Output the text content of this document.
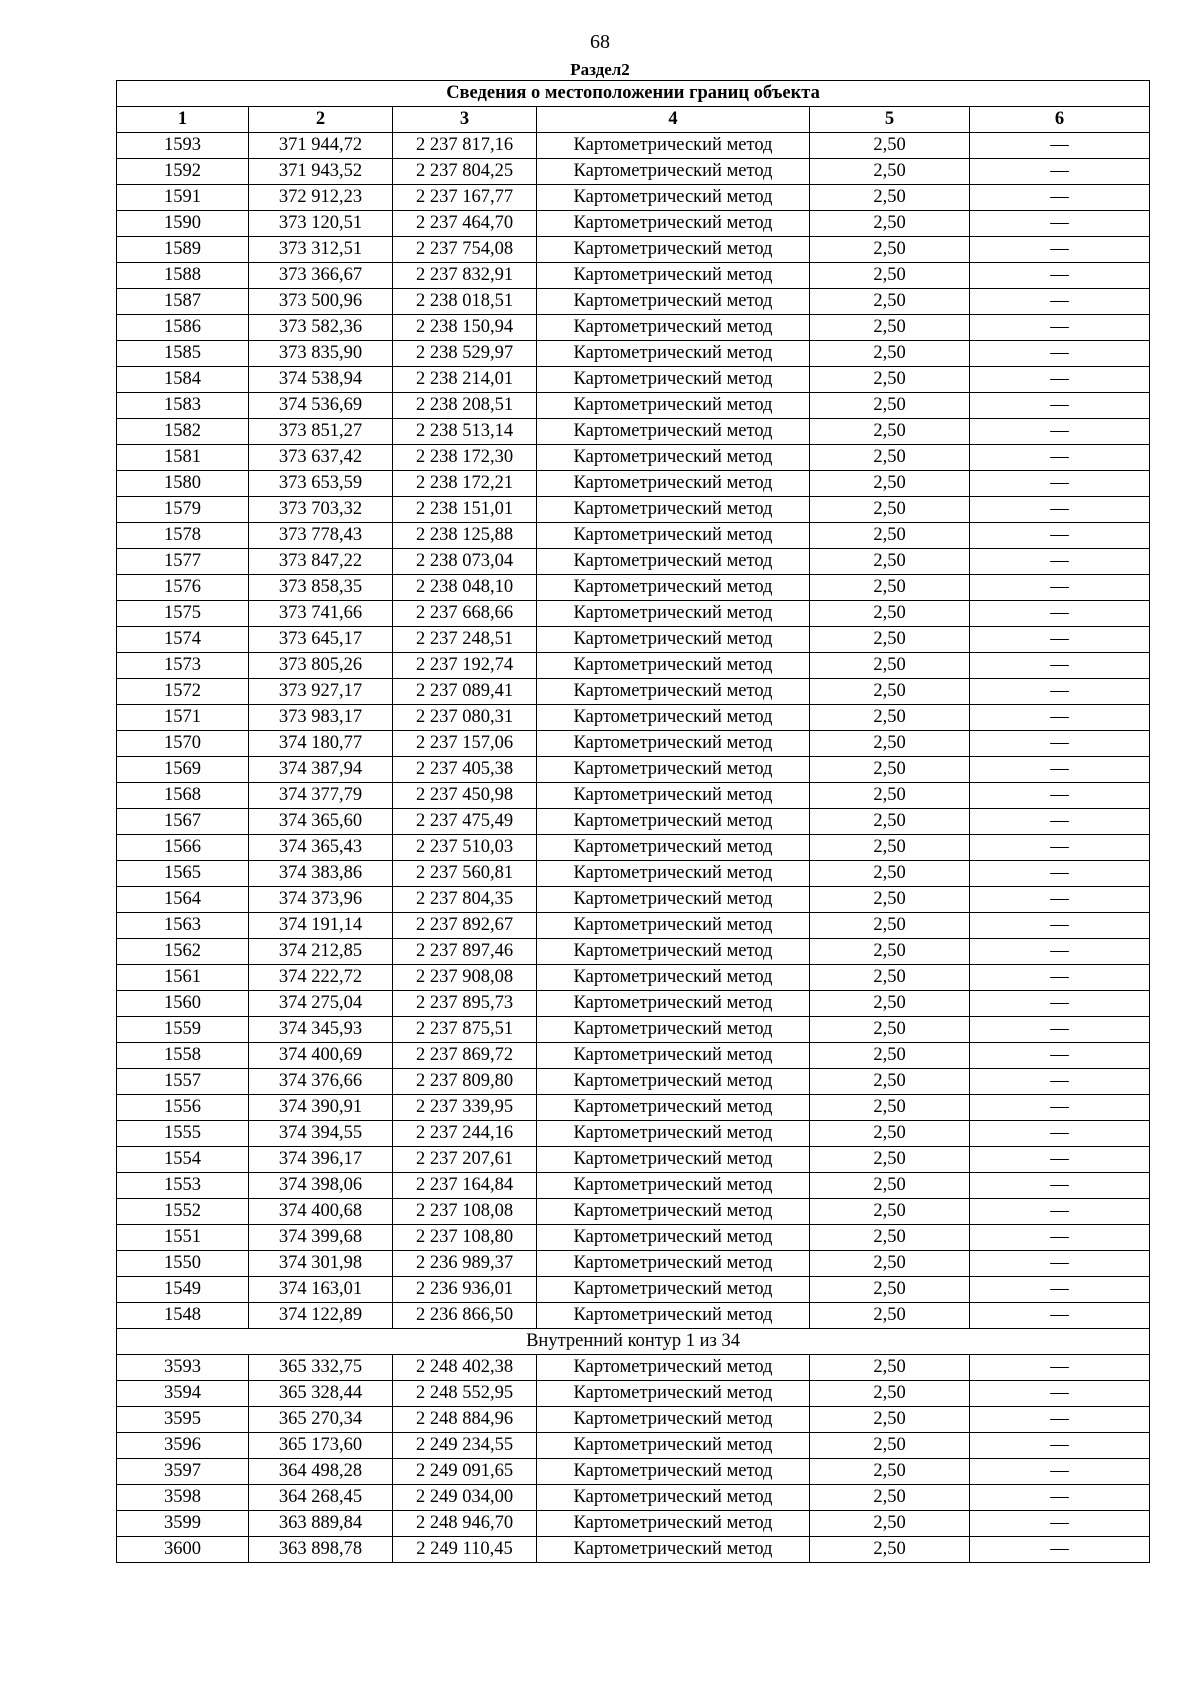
68
Раздел2
Сведения о местоположении границ объекта					
1	2	3	4	5	6
1593	371 944,72	2 237 817,16	Картометрический метод	2,50	—
1592	371 943,52	2 237 804,25	Картометрический метод	2,50	—
1591	372 912,23	2 237 167,77	Картометрический метод	2,50	—
1590	373 120,51	2 237 464,70	Картометрический метод	2,50	—
1589	373 312,51	2 237 754,08	Картометрический метод	2,50	—
1588	373 366,67	2 237 832,91	Картометрический метод	2,50	—
1587	373 500,96	2 238 018,51	Картометрический метод	2,50	—
1586	373 582,36	2 238 150,94	Картометрический метод	2,50	—
1585	373 835,90	2 238 529,97	Картометрический метод	2,50	—
1584	374 538,94	2 238 214,01	Картометрический метод	2,50	—
1583	374 536,69	2 238 208,51	Картометрический метод	2,50	—
1582	373 851,27	2 238 513,14	Картометрический метод	2,50	—
1581	373 637,42	2 238 172,30	Картометрический метод	2,50	—
1580	373 653,59	2 238 172,21	Картометрический метод	2,50	—
1579	373 703,32	2 238 151,01	Картометрический метод	2,50	—
1578	373 778,43	2 238 125,88	Картометрический метод	2,50	—
1577	373 847,22	2 238 073,04	Картометрический метод	2,50	—
1576	373 858,35	2 238 048,10	Картометрический метод	2,50	—
1575	373 741,66	2 237 668,66	Картометрический метод	2,50	—
1574	373 645,17	2 237 248,51	Картометрический метод	2,50	—
1573	373 805,26	2 237 192,74	Картометрический метод	2,50	—
1572	373 927,17	2 237 089,41	Картометрический метод	2,50	—
1571	373 983,17	2 237 080,31	Картометрический метод	2,50	—
1570	374 180,77	2 237 157,06	Картометрический метод	2,50	—
1569	374 387,94	2 237 405,38	Картометрический метод	2,50	—
1568	374 377,79	2 237 450,98	Картометрический метод	2,50	—
1567	374 365,60	2 237 475,49	Картометрический метод	2,50	—
1566	374 365,43	2 237 510,03	Картометрический метод	2,50	—
1565	374 383,86	2 237 560,81	Картометрический метод	2,50	—
1564	374 373,96	2 237 804,35	Картометрический метод	2,50	—
1563	374 191,14	2 237 892,67	Картометрический метод	2,50	—
1562	374 212,85	2 237 897,46	Картометрический метод	2,50	—
1561	374 222,72	2 237 908,08	Картометрический метод	2,50	—
1560	374 275,04	2 237 895,73	Картометрический метод	2,50	—
1559	374 345,93	2 237 875,51	Картометрический метод	2,50	—
1558	374 400,69	2 237 869,72	Картометрический метод	2,50	—
1557	374 376,66	2 237 809,80	Картометрический метод	2,50	—
1556	374 390,91	2 237 339,95	Картометрический метод	2,50	—
1555	374 394,55	2 237 244,16	Картометрический метод	2,50	—
1554	374 396,17	2 237 207,61	Картометрический метод	2,50	—
1553	374 398,06	2 237 164,84	Картометрический метод	2,50	—
1552	374 400,68	2 237 108,08	Картометрический метод	2,50	—
1551	374 399,68	2 237 108,80	Картометрический метод	2,50	—
1550	374 301,98	2 236 989,37	Картометрический метод	2,50	—
1549	374 163,01	2 236 936,01	Картометрический метод	2,50	—
1548	374 122,89	2 236 866,50	Картометрический метод	2,50	—
Внутренний контур 1 из 34					
3593	365 332,75	2 248 402,38	Картометрический метод	2,50	—
3594	365 328,44	2 248 552,95	Картометрический метод	2,50	—
3595	365 270,34	2 248 884,96	Картометрический метод	2,50	—
3596	365 173,60	2 249 234,55	Картометрический метод	2,50	—
3597	364 498,28	2 249 091,65	Картометрический метод	2,50	—
3598	364 268,45	2 249 034,00	Картометрический метод	2,50	—
3599	363 889,84	2 248 946,70	Картометрический метод	2,50	—
3600	363 898,78	2 249 110,45	Картометрический метод	2,50	—
